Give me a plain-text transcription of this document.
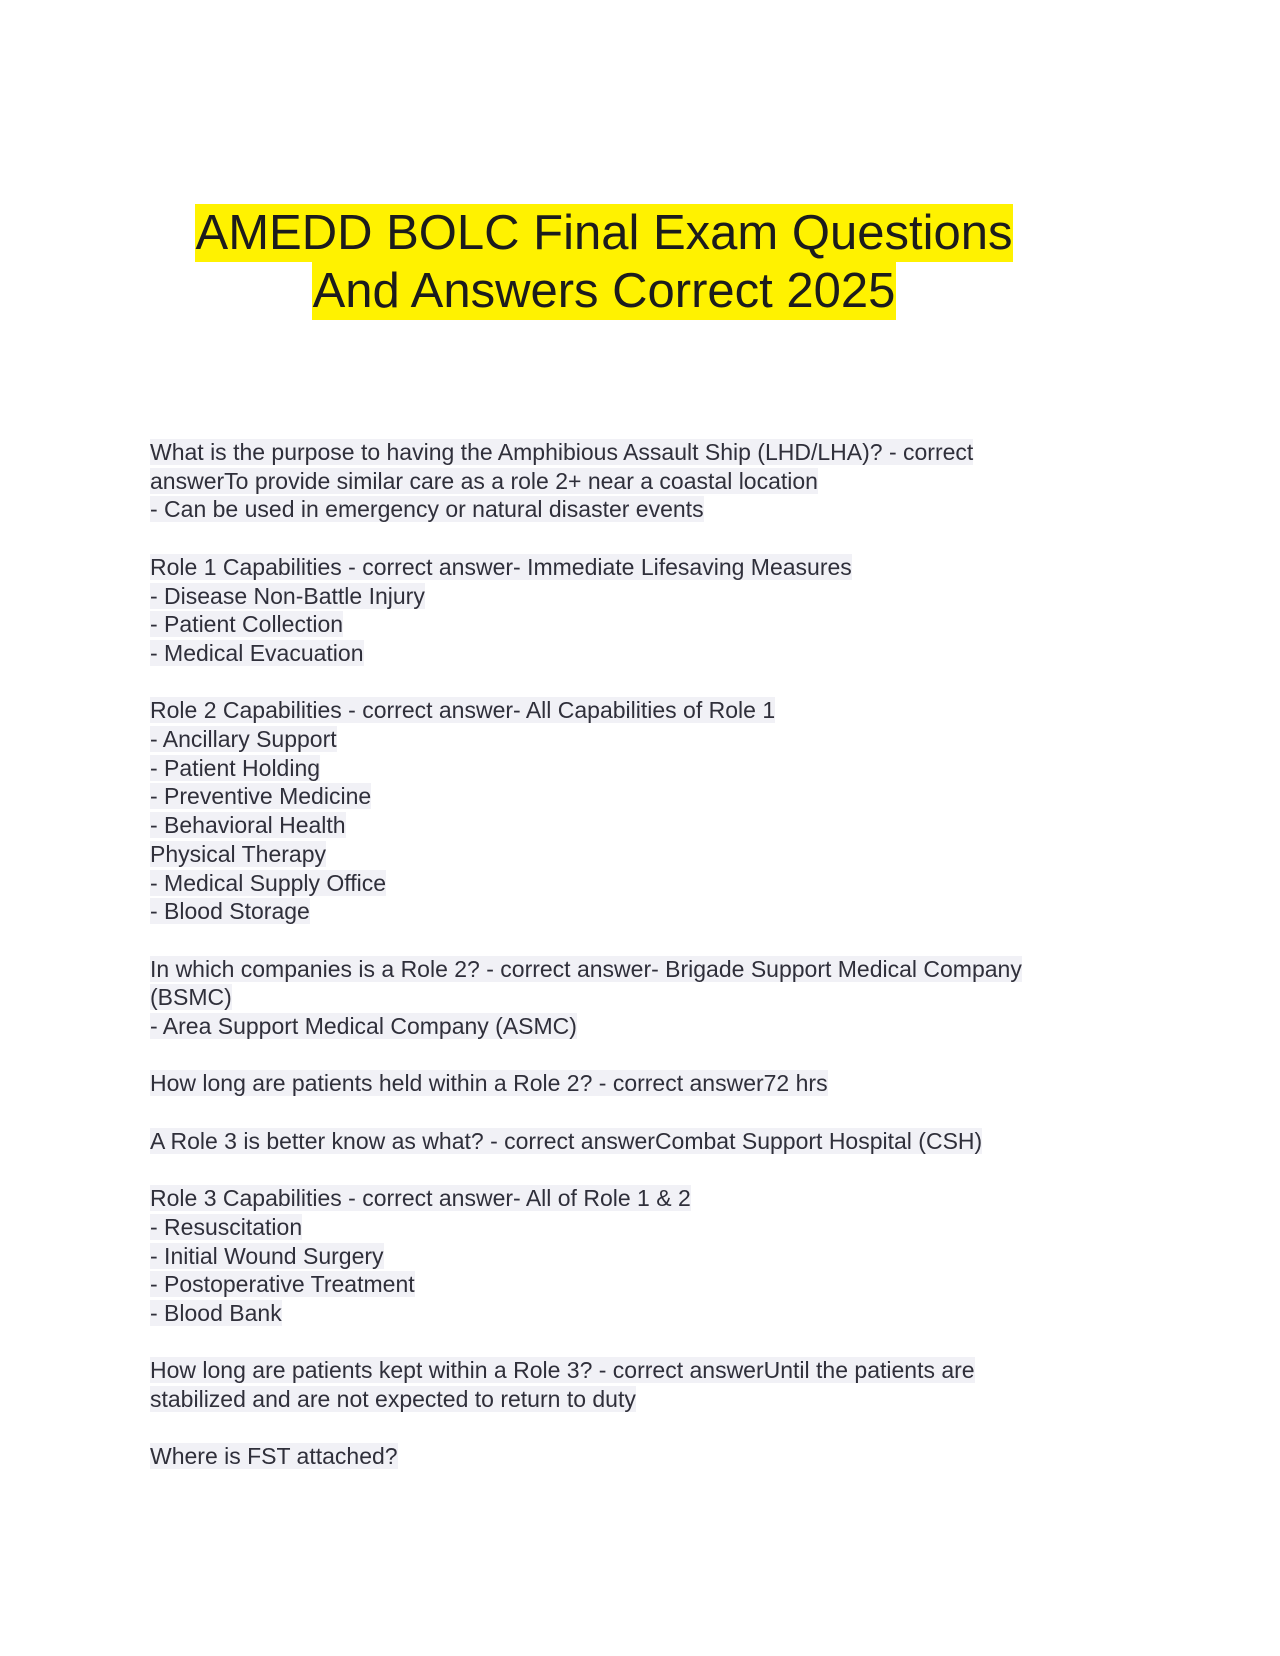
AMEDD BOLC Final Exam Questions
And Answers Correct 2025
What is the purpose to having the Amphibious Assault Ship (LHD/LHA)? - correct
answerTo provide similar care as a role 2+ near a coastal location
- Can be used in emergency or natural disaster events
Role 1 Capabilities - correct answer- Immediate Lifesaving Measures
- Disease Non-Battle Injury
- Patient Collection
- Medical Evacuation
Role 2 Capabilities - correct answer- All Capabilities of Role 1
- Ancillary Support
- Patient Holding
- Preventive Medicine
- Behavioral Health
Physical Therapy
- Medical Supply Office
- Blood Storage
In which companies is a Role 2? - correct answer- Brigade Support Medical Company
(BSMC)
- Area Support Medical Company (ASMC)
How long are patients held within a Role 2? - correct answer72 hrs
A Role 3 is better know as what? - correct answerCombat Support Hospital (CSH)
Role 3 Capabilities - correct answer- All of Role 1 & 2
- Resuscitation
- Initial Wound Surgery
- Postoperative Treatment
- Blood Bank
How long are patients kept within a Role 3? - correct answerUntil the patients are
stabilized and are not expected to return to duty
Where is FST attached?
